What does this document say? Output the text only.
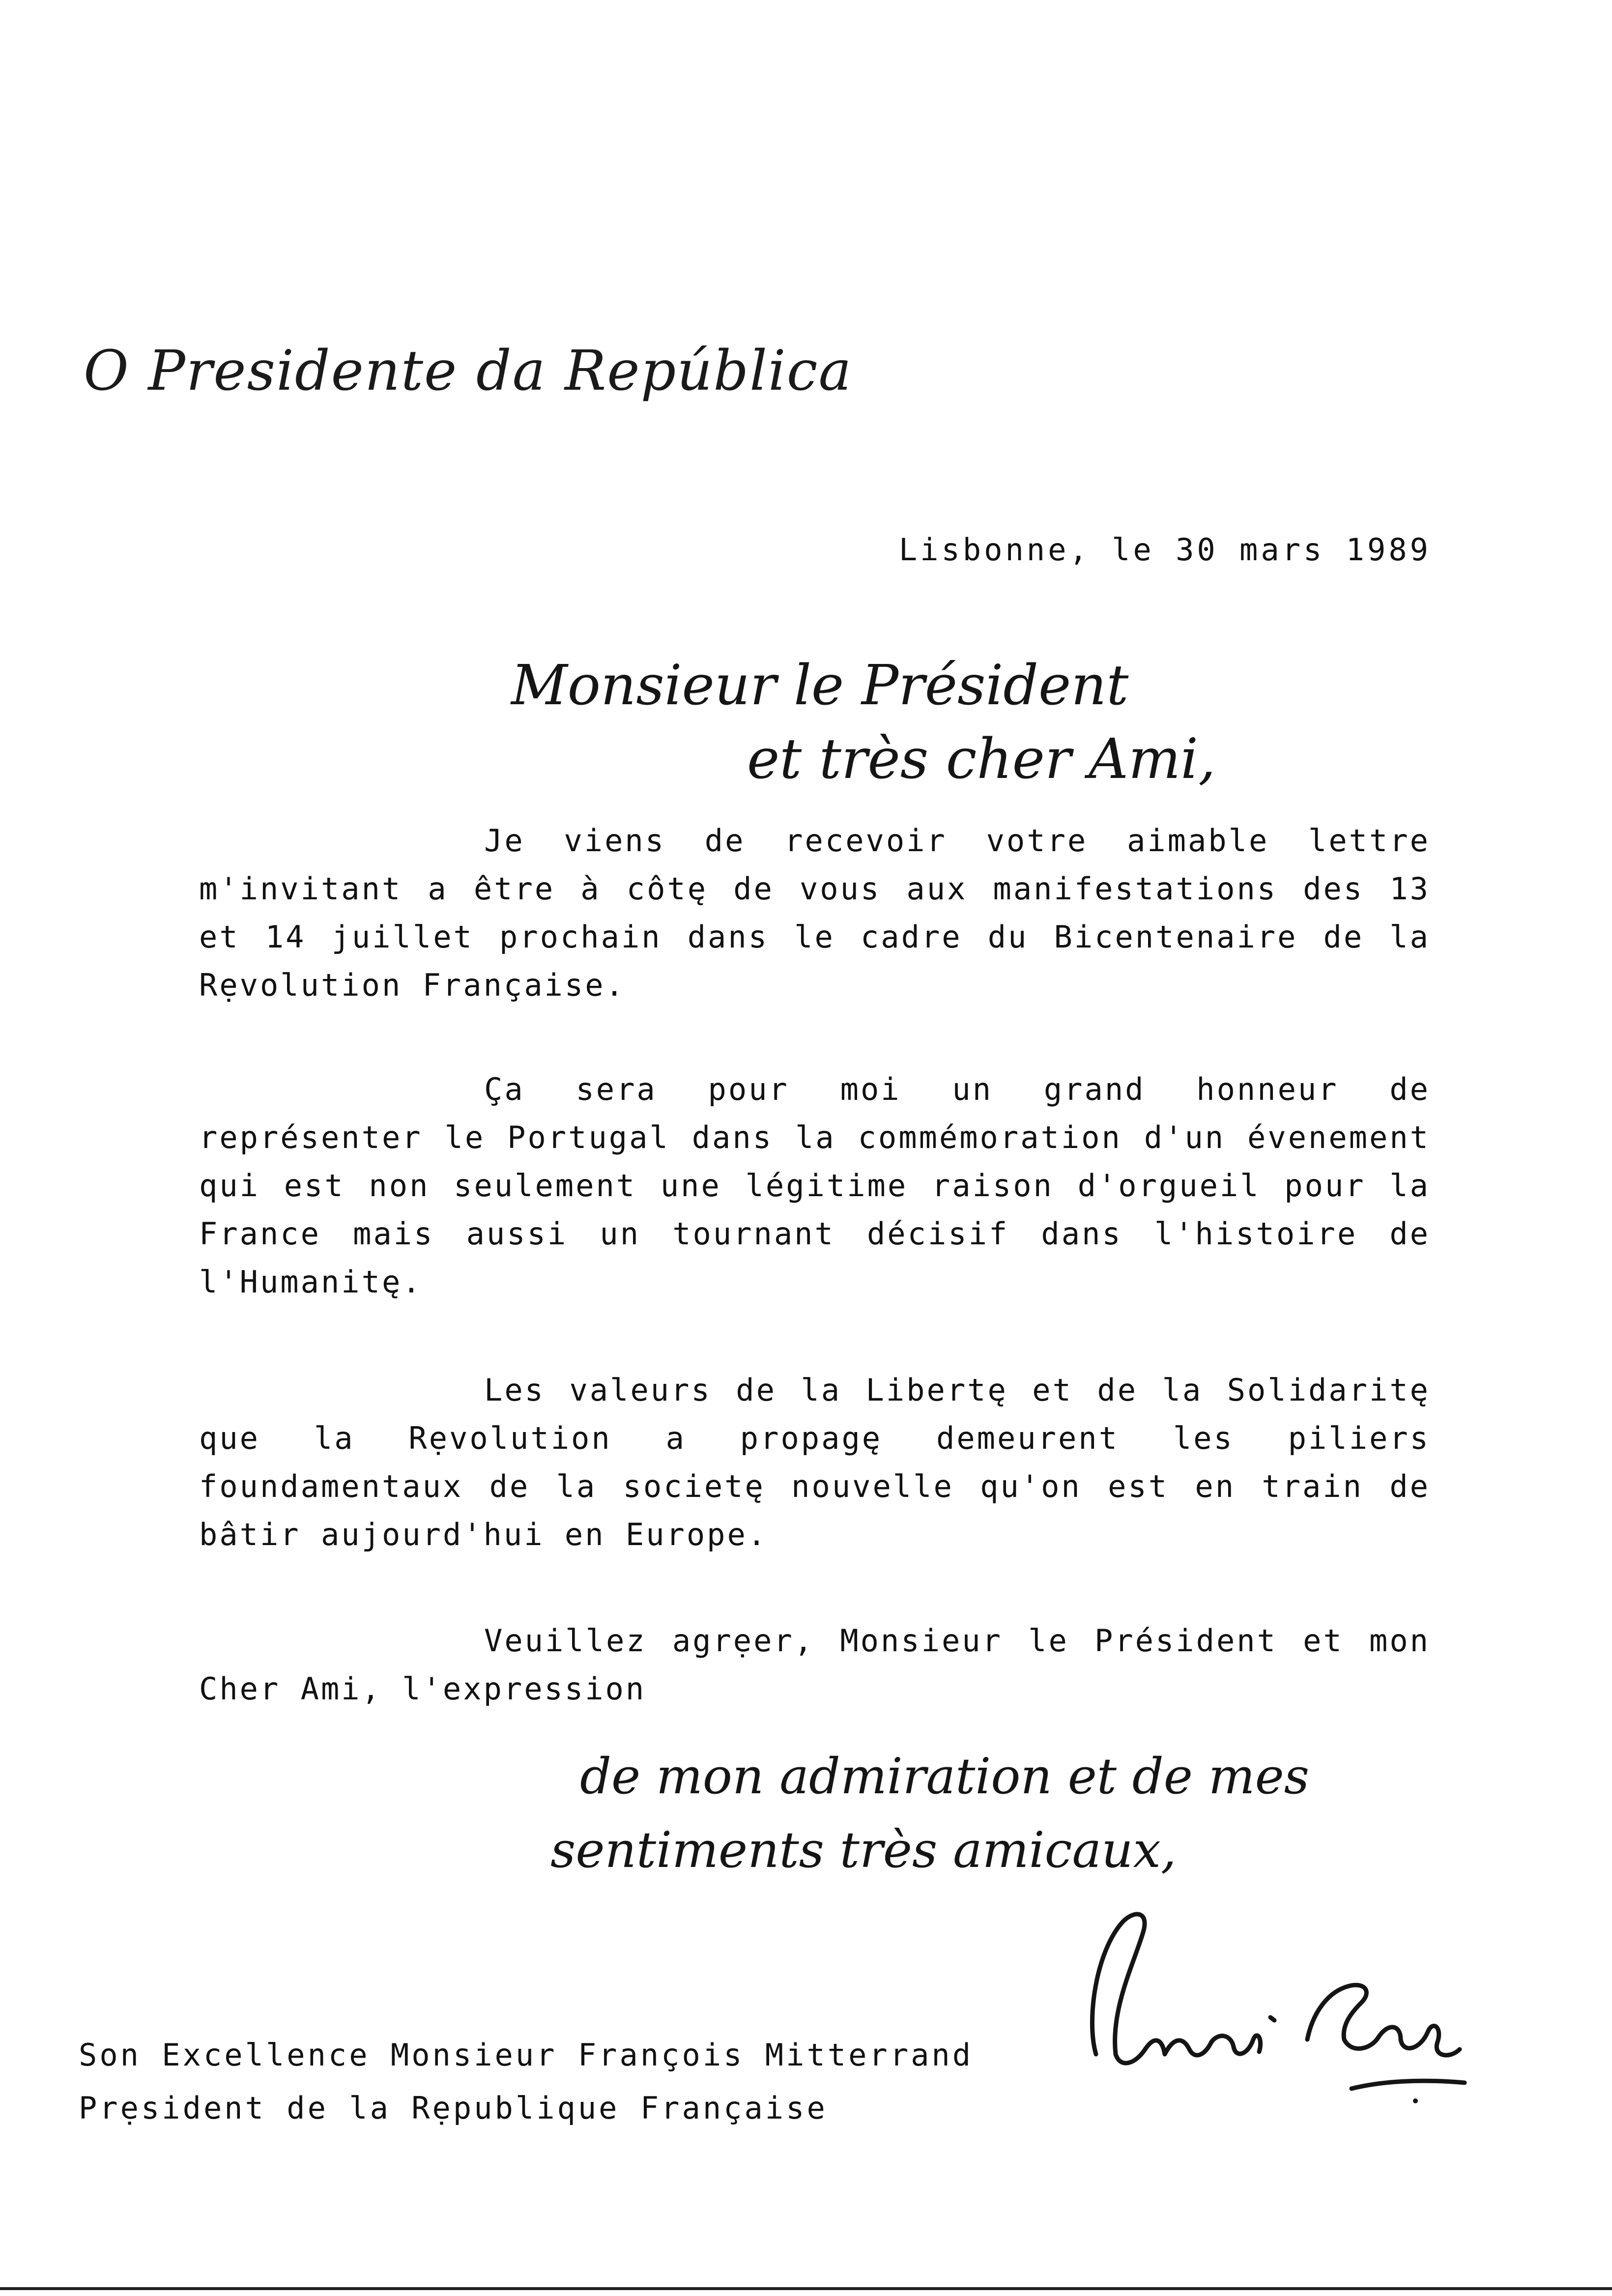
O Presidente da República
Lisbonne, le 30 mars 1989
Monsieur le Président
et très cher Ami,

Je viens de recevoir votre aimable lettre m'invitant a être à côtę de vous aux manifestations des 13 et 14 juillet prochain dans le cadre du Bicentenaire de la Rẹvolution Française.

Ça sera pour moi un grand honneur de représenter le Portugal dans la commémoration d'un évenement qui est non seulement une légitime raison d'orgueil pour la France mais aussi un tournant décisif dans l'histoire de l'Humanitę.

Les valeurs de la Libertę et de la Solidaritę que la Rẹvolution a propagę demeurent les piliers foundamentaux de la societę nouvelle qu'on est en train de bâtir aujourd'hui en Europe.

Veuillez agrẹer, Monsieur le Président et mon Cher Ami, l'expression

de mon admiration et de mes
sentiments très amicaux,
Son Excellence Monsieur François Mitterrand
Prẹsident de la Rẹpublique Française
